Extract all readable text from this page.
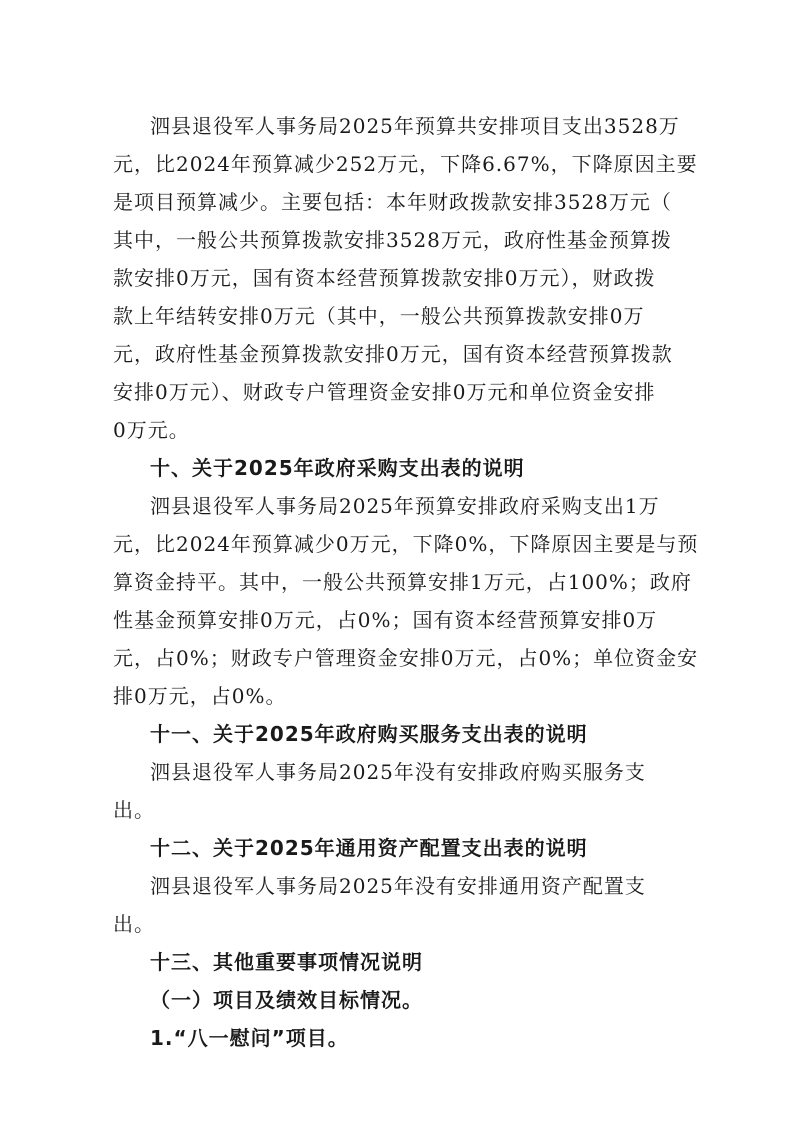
泗县退役军人事务局2025年预算共安排项目支出3528万
元，比2024年预算减少252万元，下降6.67%，下降原因主要
是项目预算减少。主要包括：本年财政拨款安排3528万元（
其中，一般公共预算拨款安排3528万元，政府性基金预算拨
款安排0万元，国有资本经营预算拨款安排0万元），财政拨
款上年结转安排0万元（其中，一般公共预算拨款安排0万
元，政府性基金预算拨款安排0万元，国有资本经营预算拨款
安排0万元）、财政专户管理资金安排0万元和单位资金安排
0万元。
十、关于2025年政府采购支出表的说明
泗县退役军人事务局2025年预算安排政府采购支出1万
元，比2024年预算减少0万元，下降0%，下降原因主要是与预
算资金持平。其中，一般公共预算安排1万元，占100%；政府
性基金预算安排0万元，占0%；国有资本经营预算安排0万
元，占0%；财政专户管理资金安排0万元，占0%；单位资金安
排0万元，占0%。
十一、关于2025年政府购买服务支出表的说明
泗县退役军人事务局2025年没有安排政府购买服务支
出。
十二、关于2025年通用资产配置支出表的说明
泗县退役军人事务局2025年没有安排通用资产配置支
出。
十三、其他重要事项情况说明
（一）项目及绩效目标情况。
1.“八一慰问”项目。
